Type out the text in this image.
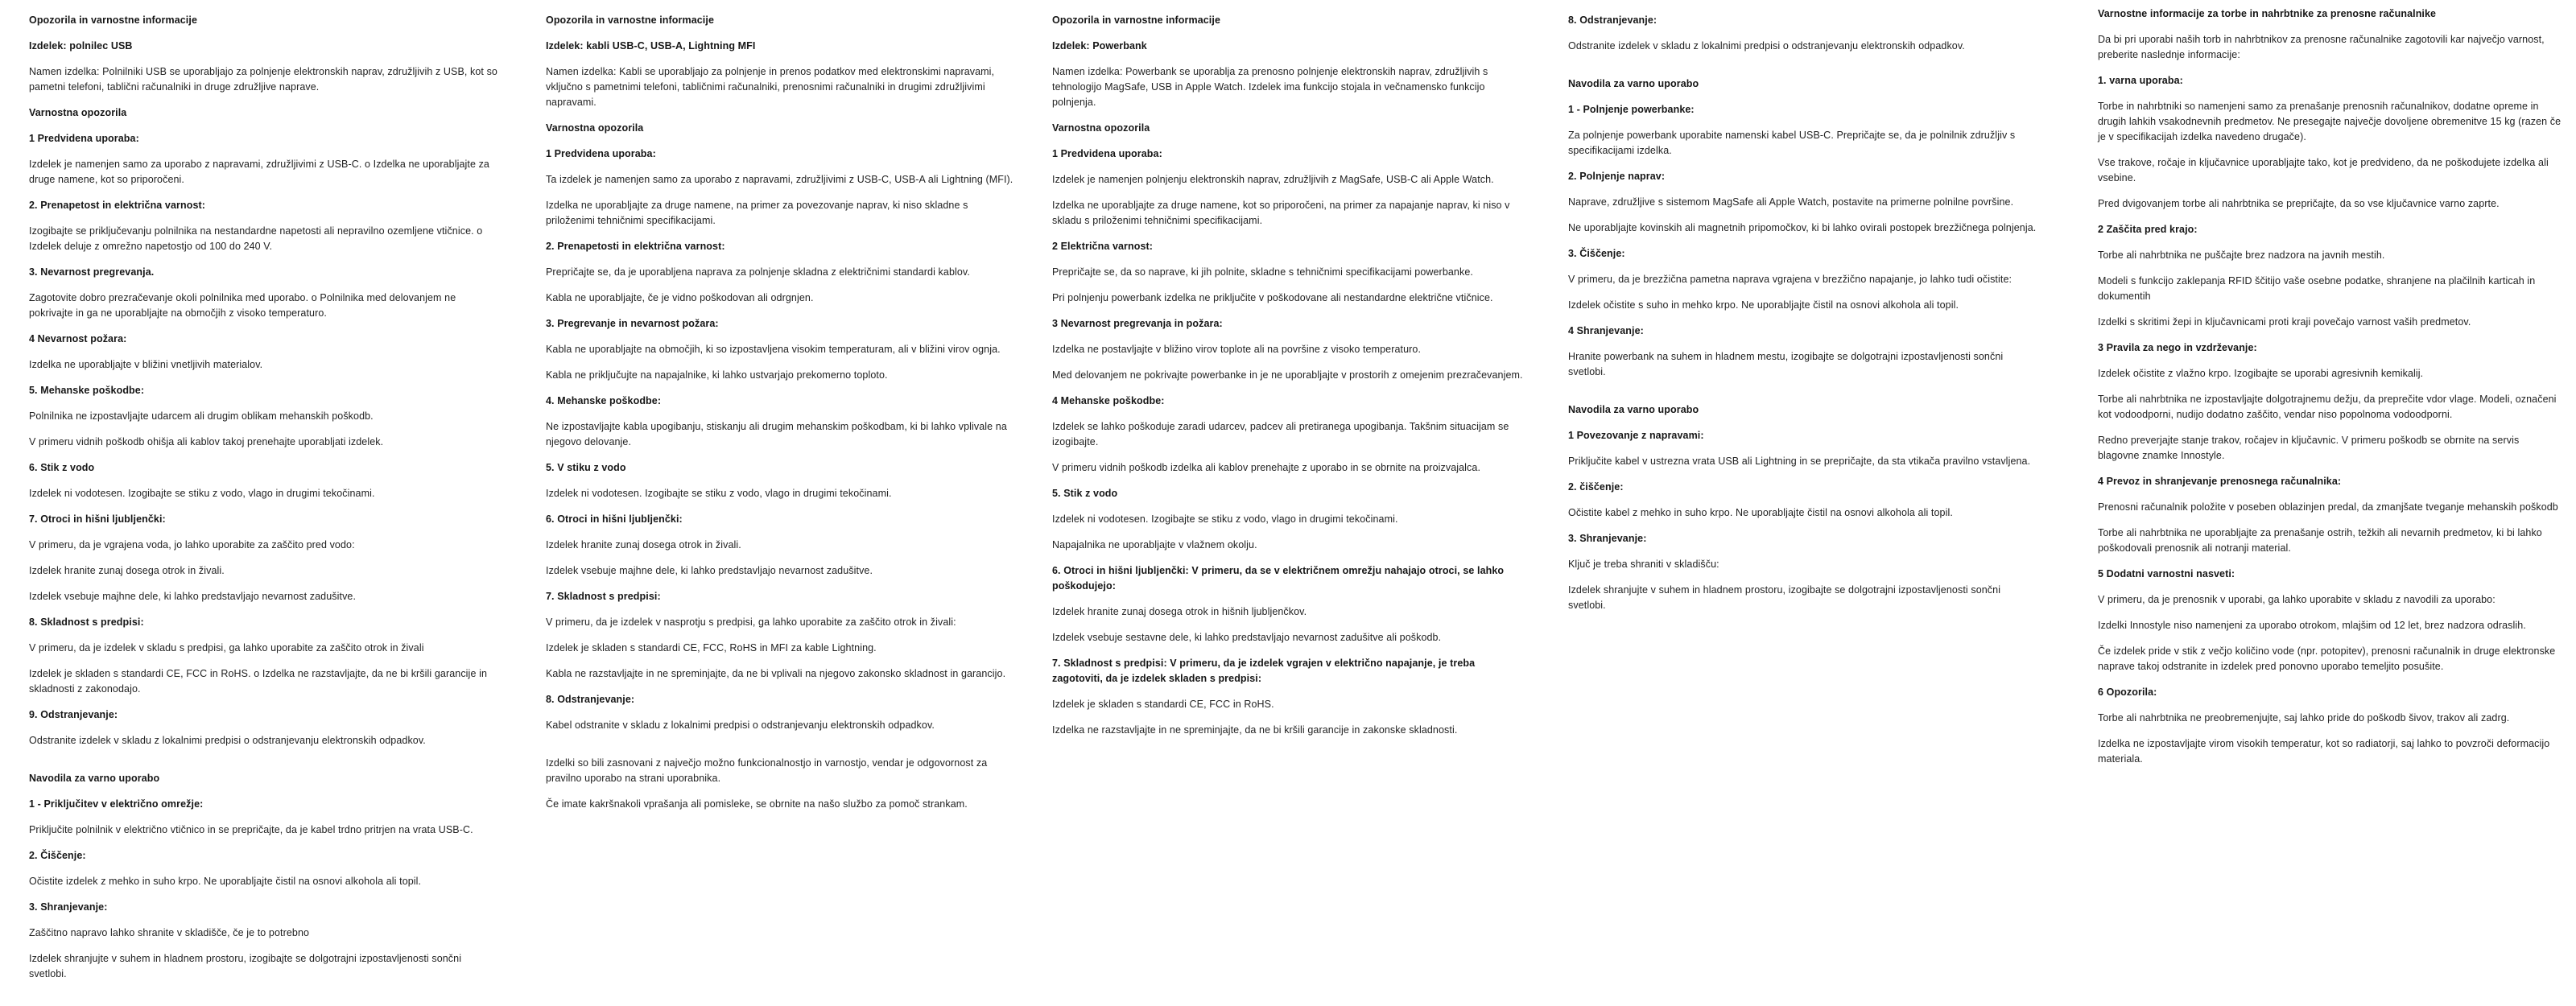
Opozorila in varnostne informacije
Izdelek: polnilec USB
Namen izdelka: Polnilniki USB se uporabljajo za polnjenje elektronskih naprav, združljivih z USB, kot so pametni telefoni, tablični računalniki in druge združljive naprave.
Varnostna opozorila
1 Predvidena uporaba:
Izdelek je namenjen samo za uporabo z napravami, združljivimi z USB-C. o Izdelka ne uporabljajte za druge namene, kot so priporočeni.
2. Prenapetost in električna varnost:
Izogibajte se priključevanju polnilnika na nestandardne napetosti ali nepravilno ozemljene vtičnice. o Izdelek deluje z omrežno napetostjo od 100 do 240 V.
3. Nevarnost pregrevanja.
Zagotovite dobro prezračevanje okoli polnilnika med uporabo. o Polnilnika med delovanjem ne pokrivajte in ga ne uporabljajte na območjih z visoko temperaturo.
4 Nevarnost požara:
Izdelka ne uporabljajte v bližini vnetljivih materialov.
5. Mehanske poškodbe:
Polnilnika ne izpostavljajte udarcem ali drugim oblikam mehanskih poškodb.
V primeru vidnih poškodb ohišja ali kablov takoj prenehajte uporabljati izdelek.
6. Stik z vodo
Izdelek ni vodotesen. Izogibajte se stiku z vodo, vlago in drugimi tekočinami.
7. Otroci in hišni ljubljenčki:
V primeru, da je vgrajena voda, jo lahko uporabite za zaščito pred vodo:
Izdelek hranite zunaj dosega otrok in živali.
Izdelek vsebuje majhne dele, ki lahko predstavljajo nevarnost zadušitve.
8. Skladnost s predpisi:
V primeru, da je izdelek v skladu s predpisi, ga lahko uporabite za zaščito otrok in živali
Izdelek je skladen s standardi CE, FCC in RoHS. o Izdelka ne razstavljajte, da ne bi kršili garancije in skladnosti z zakonodajo.
9. Odstranjevanje:
Odstranite izdelek v skladu z lokalnimi predpisi o odstranjevanju elektronskih odpadkov.
Navodila za varno uporabo
1 - Priključitev v električno omrežje:
Priključite polnilnik v električno vtičnico in se prepričajte, da je kabel trdno pritrjen na vrata USB-C.
2. Čiščenje:
Očistite izdelek z mehko in suho krpo. Ne uporabljajte čistil na osnovi alkohola ali topil.
3. Shranjevanje:
Zaščitno napravo lahko shranite v skladišče, če je to potrebno
Izdelek shranjujte v suhem in hladnem prostoru, izogibajte se dolgotrajni izpostavljenosti sončni svetlobi.
Opozorila in varnostne informacije
Izdelek: kabli USB-C, USB-A, Lightning MFI
Namen izdelka: Kabli se uporabljajo za polnjenje in prenos podatkov med elektronskimi napravami, vključno s pametnimi telefoni, tabličnimi računalniki, prenosnimi računalniki in drugimi združljivimi napravami.
Varnostna opozorila
1 Predvidena uporaba:
Ta izdelek je namenjen samo za uporabo z napravami, združljivimi z USB-C, USB-A ali Lightning (MFI).
Izdelka ne uporabljajte za druge namene, na primer za povezovanje naprav, ki niso skladne s priloženimi tehničnimi specifikacijami.
2. Prenapetosti in električna varnost:
Prepričajte se, da je uporabljena naprava za polnjenje skladna z električnimi standardi kablov.
Kabla ne uporabljajte, če je vidno poškodovan ali odrgnjen.
3. Pregrevanje in nevarnost požara:
Kabla ne uporabljajte na območjih, ki so izpostavljena visokim temperaturam, ali v bližini virov ognja.
Kabla ne priključujte na napajalnike, ki lahko ustvarjajo prekomerno toploto.
4. Mehanske poškodbe:
Ne izpostavljajte kabla upogibanju, stiskanju ali drugim mehanskim poškodbam, ki bi lahko vplivale na njegovo delovanje.
5. V stiku z vodo
Izdelek ni vodotesen. Izogibajte se stiku z vodo, vlago in drugimi tekočinami.
6. Otroci in hišni ljubljenčki:
Izdelek hranite zunaj dosega otrok in živali.
Izdelek vsebuje majhne dele, ki lahko predstavljajo nevarnost zadušitve.
7. Skladnost s predpisi:
V primeru, da je izdelek v nasprotju s predpisi, ga lahko uporabite za zaščito otrok in živali:
Izdelek je skladen s standardi CE, FCC, RoHS in MFI za kable Lightning.
Kabla ne razstavljajte in ne spreminjajte, da ne bi vplivali na njegovo zakonsko skladnost in garancijo.
8. Odstranjevanje:
Kabel odstranite v skladu z lokalnimi predpisi o odstranjevanju elektronskih odpadkov.
Izdelki so bili zasnovani z največjo možno funkcionalnostjo in varnostjo, vendar je odgovornost za pravilno uporabo na strani uporabnika.
Če imate kakršnakoli vprašanja ali pomisleke, se obrnite na našo službo za pomoč strankam.
Opozorila in varnostne informacije
Izdelek: Powerbank
Namen izdelka: Powerbank se uporablja za prenosno polnjenje elektronskih naprav, združljivih s tehnologijo MagSafe, USB in Apple Watch. Izdelek ima funkcijo stojala in večnamensko funkcijo polnjenja.
Varnostna opozorila
1 Predvidena uporaba:
Izdelek je namenjen polnjenju elektronskih naprav, združljivih z MagSafe, USB-C ali Apple Watch.
Izdelka ne uporabljajte za druge namene, kot so priporočeni, na primer za napajanje naprav, ki niso v skladu s priloženimi tehničnimi specifikacijami.
2 Električna varnost:
Prepričajte se, da so naprave, ki jih polnite, skladne s tehničnimi specifikacijami powerbanke.
Pri polnjenju powerbank izdelka ne priključite v poškodovane ali nestandardne električne vtičnice.
3 Nevarnost pregrevanja in požara:
Izdelka ne postavljajte v bližino virov toplote ali na površine z visoko temperaturo.
Med delovanjem ne pokrivajte powerbanke in je ne uporabljajte v prostorih z omejenim prezračevanjem.
4 Mehanske poškodbe:
Izdelek se lahko poškoduje zaradi udarcev, padcev ali pretiranega upogibanja. Takšnim situacijam se izogibajte.
V primeru vidnih poškodb izdelka ali kablov prenehajte z uporabo in se obrnite na proizvajalca.
5. Stik z vodo
Izdelek ni vodotesen. Izogibajte se stiku z vodo, vlago in drugimi tekočinami.
Napajalnika ne uporabljajte v vlažnem okolju.
6. Otroci in hišni ljubljenčki: V primeru, da se v električnem omrežju nahajajo otroci, se lahko poškodujejo:
Izdelek hranite zunaj dosega otrok in hišnih ljubljenčkov.
Izdelek vsebuje sestavne dele, ki lahko predstavljajo nevarnost zadušitve ali poškodb.
7. Skladnost s predpisi: V primeru, da je izdelek vgrajen v električno napajanje, je treba zagotoviti, da je izdelek skladen s predpisi:
Izdelek je skladen s standardi CE, FCC in RoHS.
Izdelka ne razstavljajte in ne spreminjajte, da ne bi kršili garancije in zakonske skladnosti.
8. Odstranjevanje:
Odstranite izdelek v skladu z lokalnimi predpisi o odstranjevanju elektronskih odpadkov.
Navodila za varno uporabo
1 - Polnjenje powerbanke:
Za polnjenje powerbank uporabite namenski kabel USB-C. Prepričajte se, da je polnilnik združljiv s specifikacijami izdelka.
2. Polnjenje naprav:
Naprave, združljive s sistemom MagSafe ali Apple Watch, postavite na primerne polnilne površine.
Ne uporabljajte kovinskih ali magnetnih pripomočkov, ki bi lahko ovirali postopek brezžičnega polnjenja.
3. Čiščenje:
V primeru, da je brezžična pametna naprava vgrajena v brezžično napajanje, jo lahko tudi očistite:
Izdelek očistite s suho in mehko krpo. Ne uporabljajte čistil na osnovi alkohola ali topil.
4 Shranjevanje:
Hranite powerbank na suhem in hladnem mestu, izogibajte se dolgotrajni izpostavljenosti sončni svetlobi.
Navodila za varno uporabo
1 Povezovanje z napravami:
Priključite kabel v ustrezna vrata USB ali Lightning in se prepričajte, da sta vtikača pravilno vstavljena.
2. čiščenje:
Očistite kabel z mehko in suho krpo. Ne uporabljajte čistil na osnovi alkohola ali topil.
3. Shranjevanje:
Ključ je treba shraniti v skladišču:
Izdelek shranjujte v suhem in hladnem prostoru, izogibajte se dolgotrajni izpostavljenosti sončni svetlobi.
Varnostne informacije za torbe in nahrbtnike za prenosne računalnike
Da bi pri uporabi naših torb in nahrbtnikov za prenosne računalnike zagotovili kar največjo varnost, preberite naslednje informacije:
1. varna uporaba:
Torbe in nahrbtniki so namenjeni samo za prenašanje prenosnih računalnikov, dodatne opreme in drugih lahkih vsakodnevnih predmetov. Ne presegajte največje dovoljene obremenitve 15 kg (razen če je v specifikacijah izdelka navedeno drugače).
Vse trakove, ročaje in ključavnice uporabljajte tako, kot je predvideno, da ne poškodujete izdelka ali vsebine.
Pred dvigovanjem torbe ali nahrbtnika se prepričajte, da so vse ključavnice varno zaprte.
2 Zaščita pred krajo:
Torbe ali nahrbtnika ne puščajte brez nadzora na javnih mestih.
Modeli s funkcijo zaklepanja RFID ščitijo vaše osebne podatke, shranjene na plačilnih karticah in dokumentih
Izdelki s skritimi žepi in ključavnicami proti kraji povečajo varnost vaših predmetov.
3 Pravila za nego in vzdrževanje:
Izdelek očistite z vlažno krpo. Izogibajte se uporabi agresivnih kemikalij.
Torbe ali nahrbtnika ne izpostavljajte dolgotrajnemu dežju, da preprečite vdor vlage. Modeli, označeni kot vodoodporni, nudijo dodatno zaščito, vendar niso popolnoma vodoodporni.
Redno preverjajte stanje trakov, ročajev in ključavnic. V primeru poškodb se obrnite na servis blagovne znamke Innostyle.
4 Prevoz in shranjevanje prenosnega računalnika:
Prenosni računalnik položite v poseben oblazinjen predal, da zmanjšate tveganje mehanskih poškodb
Torbe ali nahrbtnika ne uporabljajte za prenašanje ostrih, težkih ali nevarnih predmetov, ki bi lahko poškodovali prenosnik ali notranji material.
5 Dodatni varnostni nasveti:
V primeru, da je prenosnik v uporabi, ga lahko uporabite v skladu z navodili za uporabo:
Izdelki Innostyle niso namenjeni za uporabo otrokom, mlajšim od 12 let, brez nadzora odraslih.
Če izdelek pride v stik z večjo količino vode (npr. potopitev), prenosni računalnik in druge elektronske naprave takoj odstranite in izdelek pred ponovno uporabo temeljito posušite.
6 Opozorila:
Torbe ali nahrbtnika ne preobremenjujte, saj lahko pride do poškodb šivov, trakov ali zadrg.
Izdelka ne izpostavljajte virom visokih temperatur, kot so radiatorji, saj lahko to povzroči deformacijo materiala.
